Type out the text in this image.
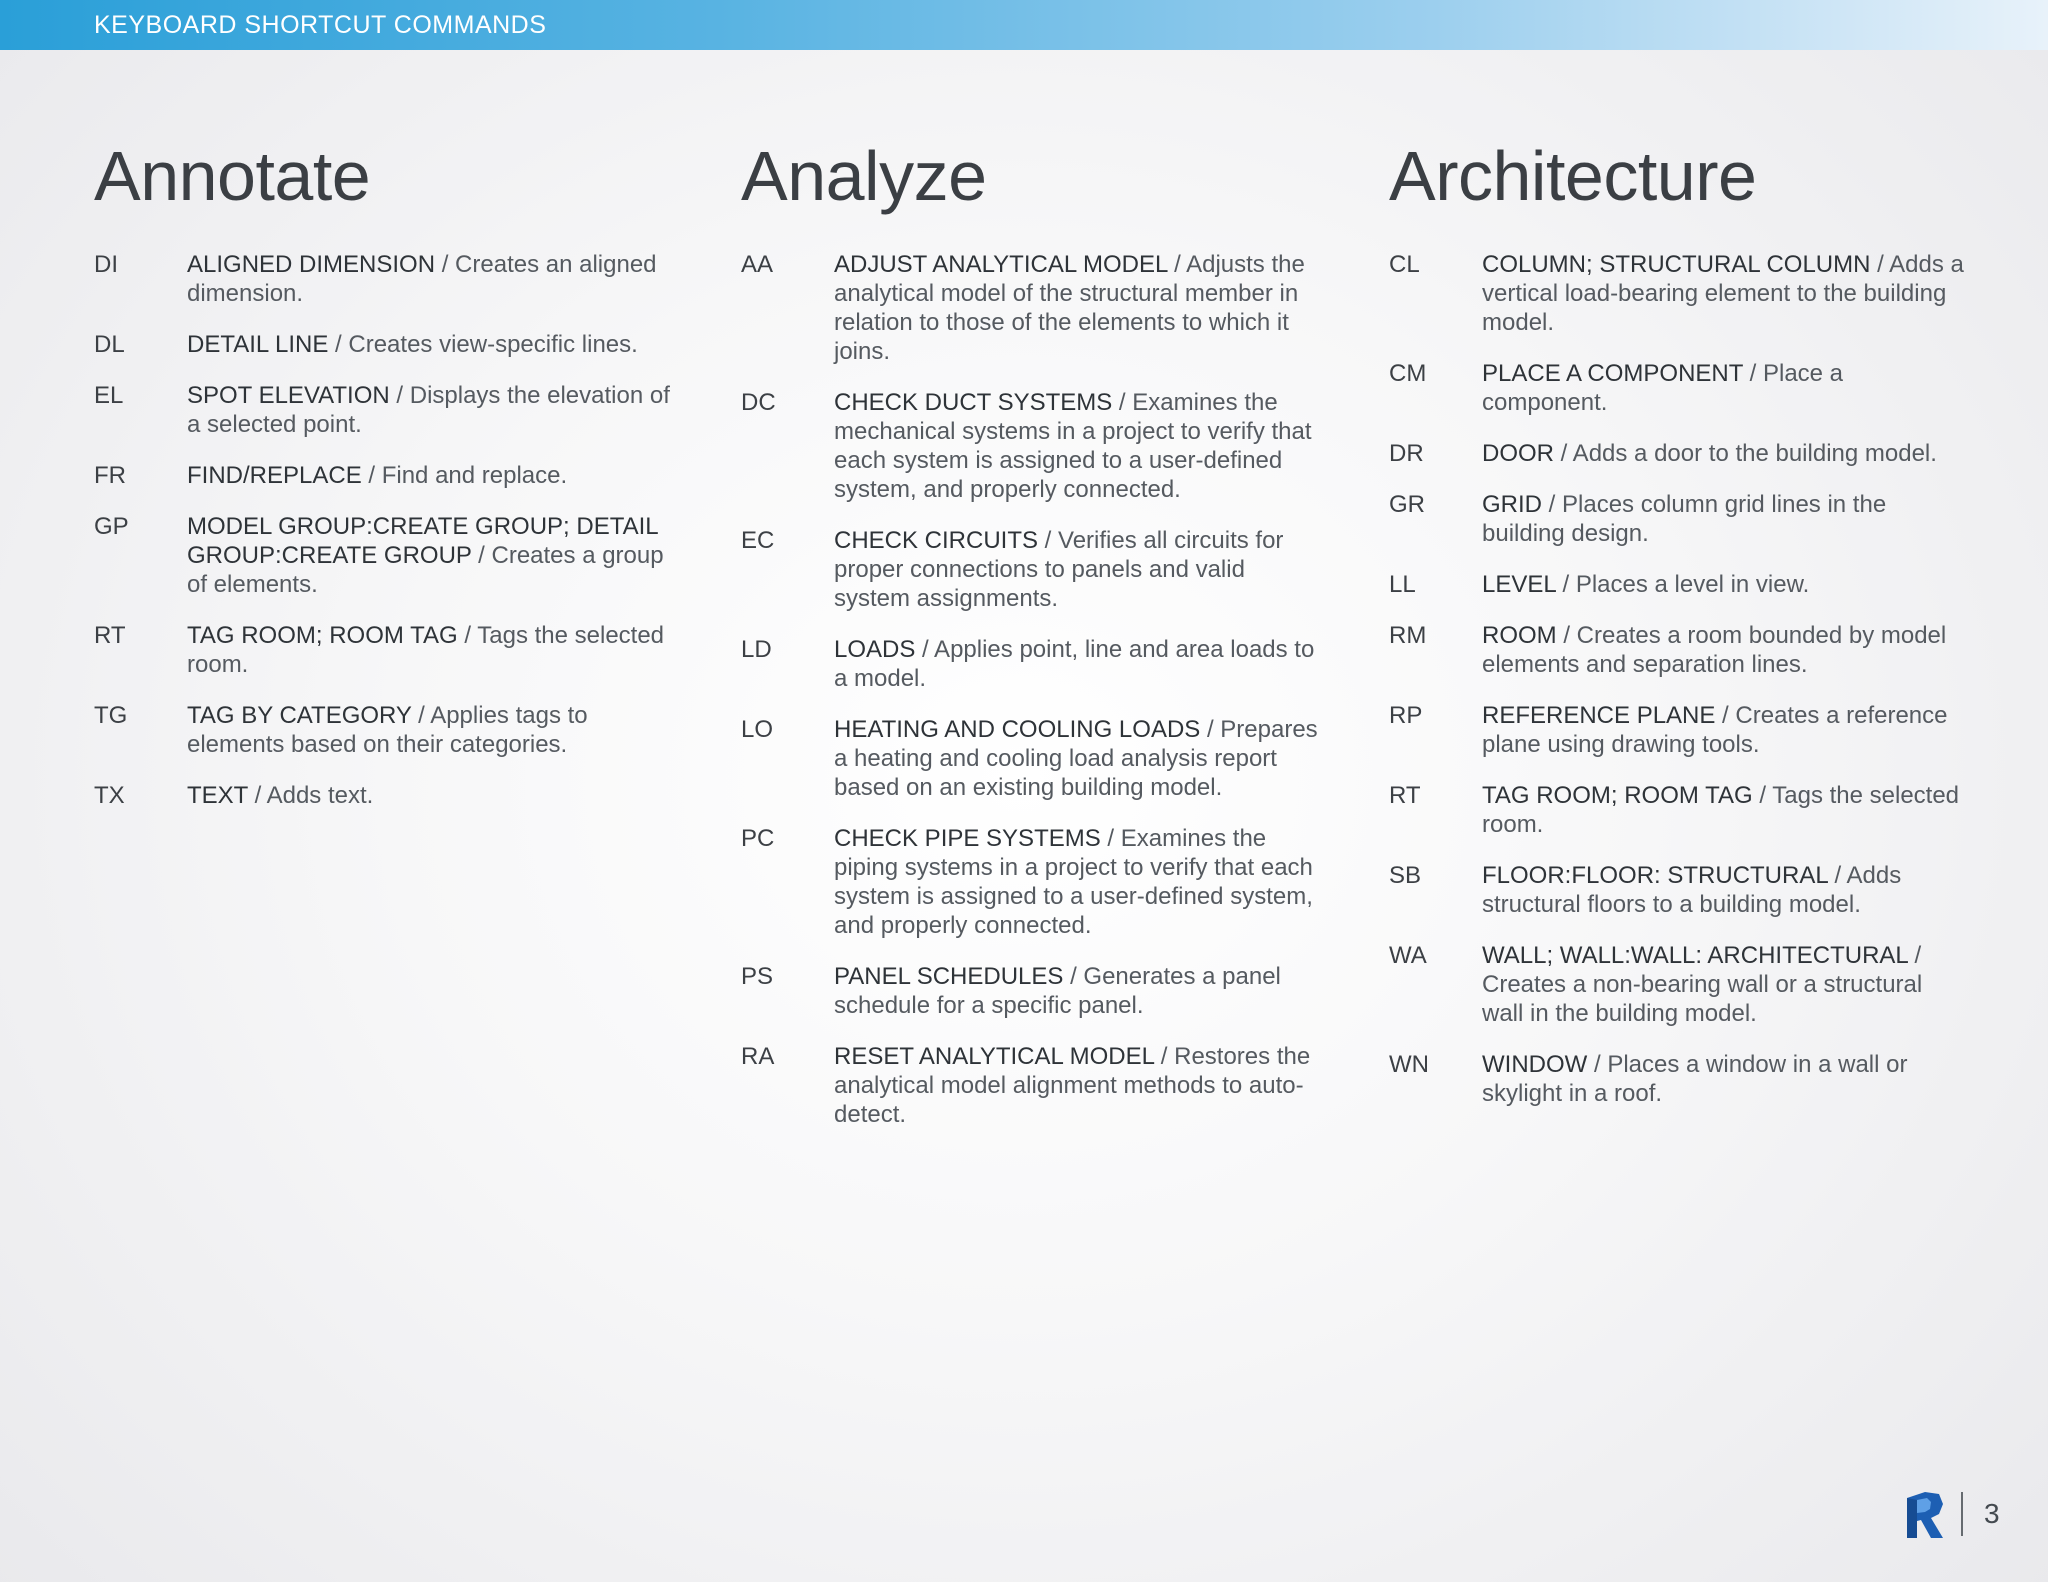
KEYBOARD SHORTCUT COMMANDS
Annotate
DI	ALIGNED DIMENSION / Creates an aligned dimension.
DL	DETAIL LINE / Creates view-specific lines.
EL	SPOT ELEVATION / Displays the elevation of a selected point.
FR	FIND/REPLACE / Find and replace.
GP	MODEL GROUP:CREATE GROUP; DETAIL GROUP:CREATE GROUP / Creates a group of elements.
RT	TAG ROOM; ROOM TAG / Tags the selected room.
TG	TAG BY CATEGORY / Applies tags to elements based on their categories.
TX	TEXT / Adds text.
Analyze
AA	ADJUST ANALYTICAL MODEL / Adjusts the analytical model of the structural member in relation to those of the elements to which it joins.
DC	CHECK DUCT SYSTEMS / Examines the mechanical systems in a project to verify that each system is assigned to a user-defined system, and properly connected.
EC	CHECK CIRCUITS / Verifies all circuits for proper connections to panels and valid system assignments.
LD	LOADS / Applies point, line and area loads to a model.
LO	HEATING AND COOLING LOADS / Prepares a heating and cooling load analysis report based on an existing building model.
PC	CHECK PIPE SYSTEMS / Examines the piping systems in a project to verify that each system is assigned to a user-defined system, and properly connected.
PS	PANEL SCHEDULES / Generates a panel schedule for a specific panel.
RA	RESET ANALYTICAL MODEL / Restores the analytical model alignment methods to auto-detect.
Architecture
CL	COLUMN; STRUCTURAL COLUMN / Adds a vertical load-bearing element to the building model.
CM	PLACE A COMPONENT / Place a component.
DR	DOOR / Adds a door to the building model.
GR	GRID / Places column grid lines in the building design.
LL	LEVEL / Places a level in view.
RM	ROOM / Creates a room bounded by model elements and separation lines.
RP	REFERENCE PLANE / Creates a reference plane using drawing tools.
RT	TAG ROOM; ROOM TAG / Tags the selected room.
SB	FLOOR:FLOOR: STRUCTURAL / Adds structural floors to a building model.
WA	WALL; WALL:WALL: ARCHITECTURAL / Creates a non-bearing wall or a structural wall in the building model.
WN	WINDOW / Places a window in a wall or skylight in a roof.
3
